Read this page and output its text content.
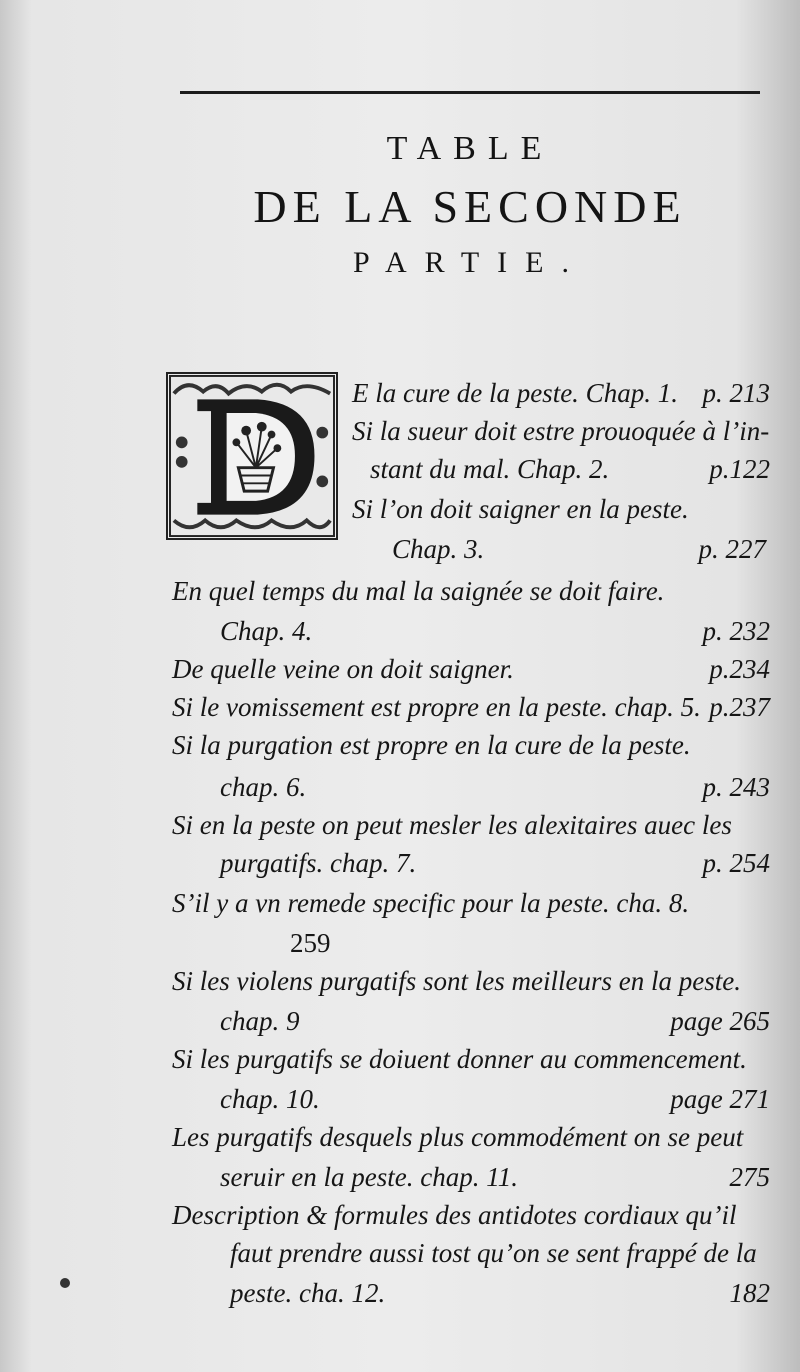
TABLE
DE LA SECONDE
PARTIE.
E la cure de la peste. Chap. 1. p. 213
Si la sueur doit estre prouoquée à l’in-
stant du mal. Chap. 2.	p.122
Si l’on doit saigner en la peste.
Chap. 3.	p. 227
En quel temps du mal la saignée se doit faire.
Chap. 4.	p. 232
De quelle veine on doit saigner.	p.234
Si le vomissement est propre en la peste. chap. 5. p.237
Si la purgation est propre en la cure de la peste.
chap. 6.	p. 243
Si en la peste on peut mesler les alexitaires auec les
purgatifs. chap. 7.	p. 254
S’il y a vn remede specific pour la peste. cha. 8.
259
Si les violens purgatifs sont les meilleurs en la peste.
chap. 9	page 265
Si les purgatifs se doiuent donner au commencement.
chap. 10.	page 271
Les purgatifs desquels plus commodément on se peut
seruir en la peste. chap. 11.	275
Description & formules des antidotes cordiaux qu’il
faut prendre aussi tost qu’on se sent frappé de la
peste. cha. 12.	182
